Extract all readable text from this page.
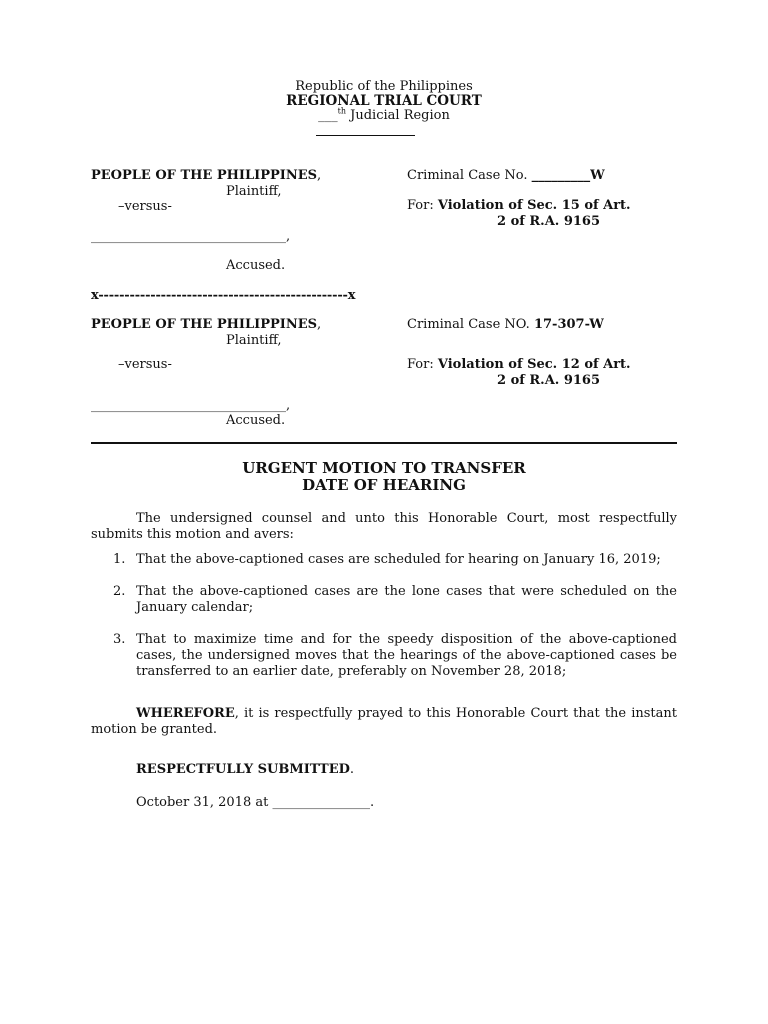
Republic of the Philippines
REGIONAL TRIAL COURT
___$^{th}$ Judicial Region
PEOPLE OF THE PHILIPPINES,
Plaintiff,
–versus-
______________________________,
Accused.
Criminal Case No. _________W
For: Violation of Sec. 15 of Art.
2 of R.A. 9165
x------------------------------------------------x
PEOPLE OF THE PHILIPPINES,
Plaintiff,
–versus-
______________________________,
Accused.
Criminal Case NO. 17-307-W
For: Violation of Sec. 12 of Art.
2 of R.A. 9165
URGENT MOTION TO TRANSFER
DATE OF HEARING
The undersigned counsel and unto this Honorable Court, most respectfully submits this motion and avers:
1. That the above-captioned cases are scheduled for hearing on January 16, 2019;
2. That the above-captioned cases are the lone cases that were scheduled on the January calendar;
3. That to maximize time and for the speedy disposition of the above-captioned cases, the undersigned moves that the hearings of the above-captioned cases be transferred to an earlier date, preferably on November 28, 2018;
WHEREFORE, it is respectfully prayed to this Honorable Court that the instant motion be granted.
RESPECTFULLY SUBMITTED.
October 31, 2018 at _______________.
